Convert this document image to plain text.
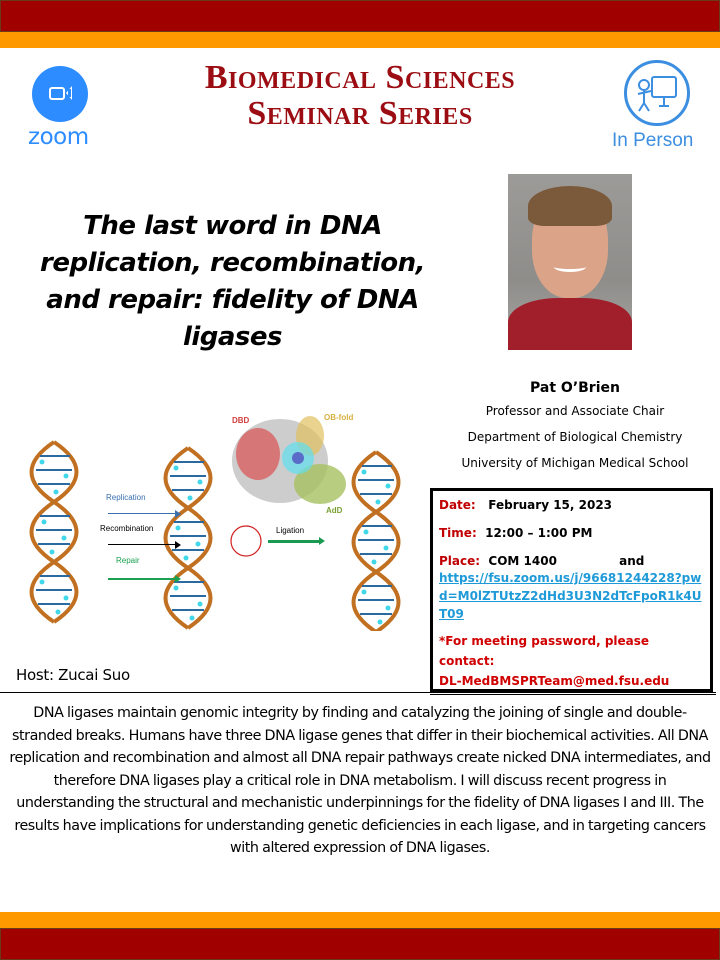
zoom
Biomedical Sciences
Seminar Series
In Person
The last word in DNA replication, recombination, and repair: fidelity of DNA ligases
Pat O’Brien
Professor and Associate Chair
Department of Biological Chemistry
University of Michigan Medical School
Replication
Recombination
Repair
Ligation
DBD	OB-fold
AdD	Date: February 15, 2023
Time: 12:00 – 1:00 PM
Place: COM 1400	and
https://fsu.zoom.us/j/96681244228?pwd=M0lZTUtzZ2dHd3U3N2dTcFpoR1k4UT09
*For meeting password, please contact:
DL-MedBMSPRTeam@med.fsu.edu
Host: Zucai Suo
DNA ligases maintain genomic integrity by finding and catalyzing the joining of single and double-stranded breaks. Humans have three DNA ligase genes that differ in their biochemical activities. All DNA replication and recombination and almost all DNA repair pathways create nicked DNA intermediates, and therefore DNA ligases play a critical role in DNA metabolism. I will discuss recent progress in understanding the structural and mechanistic underpinnings for the fidelity of DNA ligases I and III. The results have implications for understanding genetic deficiencies in each ligase, and in targeting cancers with altered expression of DNA ligases.
